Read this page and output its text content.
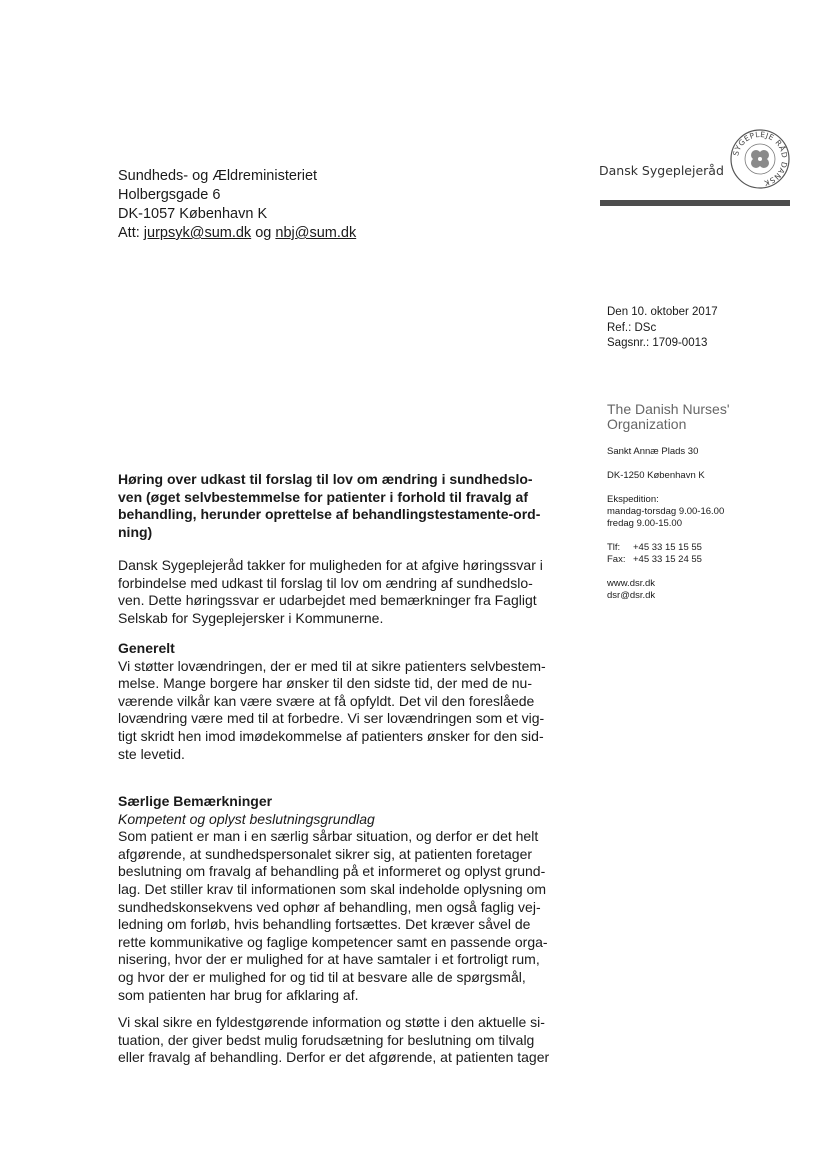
Sundheds- og Ældreministeriet
Holbergsgade 6
DK-1057 København K
Att: jurpsyk@sum.dk og nbj@sum.dk
Dansk Sygeplejeråd
SYGEPLEJE RÅD DANSK
Den 10. oktober 2017
Ref.: DSc
Sagsnr.: 1709-0013
The Danish Nurses'
Organization
Sankt Annæ Plads 30
DK-1250 København K
Ekspedition:
mandag-torsdag 9.00-16.00
fredag 9.00-15.00
Tlf: +45 33 15 15 55
Fax: +45 33 15 24 55
www.dsr.dk
dsr@dsr.dk
Høring over udkast til forslag til lov om ændring i sundhedslo-
ven (øget selvbestemmelse for patienter i forhold til fravalg af
behandling, herunder oprettelse af behandlingstestamente-ord-
ning)
Dansk Sygeplejeråd takker for muligheden for at afgive høringssvar i
forbindelse med udkast til forslag til lov om ændring af sundhedslo-
ven. Dette høringssvar er udarbejdet med bemærkninger fra Fagligt
Selskab for Sygeplejersker i Kommunerne.
Generelt
Vi støtter lovændringen, der er med til at sikre patienters selvbestem-
melse. Mange borgere har ønsker til den sidste tid, der med de nu-
værende vilkår kan være svære at få opfyldt. Det vil den foreslåede
lovændring være med til at forbedre. Vi ser lovændringen som et vig-
tigt skridt hen imod imødekommelse af patienters ønsker for den sid-
ste levetid.
Særlige Bemærkninger
Kompetent og oplyst beslutningsgrundlag
Som patient er man i en særlig sårbar situation, og derfor er det helt
afgørende, at sundhedspersonalet sikrer sig, at patienten foretager
beslutning om fravalg af behandling på et informeret og oplyst grund-
lag. Det stiller krav til informationen som skal indeholde oplysning om
sundhedskonsekvens ved ophør af behandling, men også faglig vej-
ledning om forløb, hvis behandling fortsættes. Det kræver såvel de
rette kommunikative og faglige kompetencer samt en passende orga-
nisering, hvor der er mulighed for at have samtaler i et fortroligt rum,
og hvor der er mulighed for og tid til at besvare alle de spørgsmål,
som patienten har brug for afklaring af.
Vi skal sikre en fyldestgørende information og støtte i den aktuelle si-
tuation, der giver bedst mulig forudsætning for beslutning om tilvalg
eller fravalg af behandling. Derfor er det afgørende, at patienten tager
